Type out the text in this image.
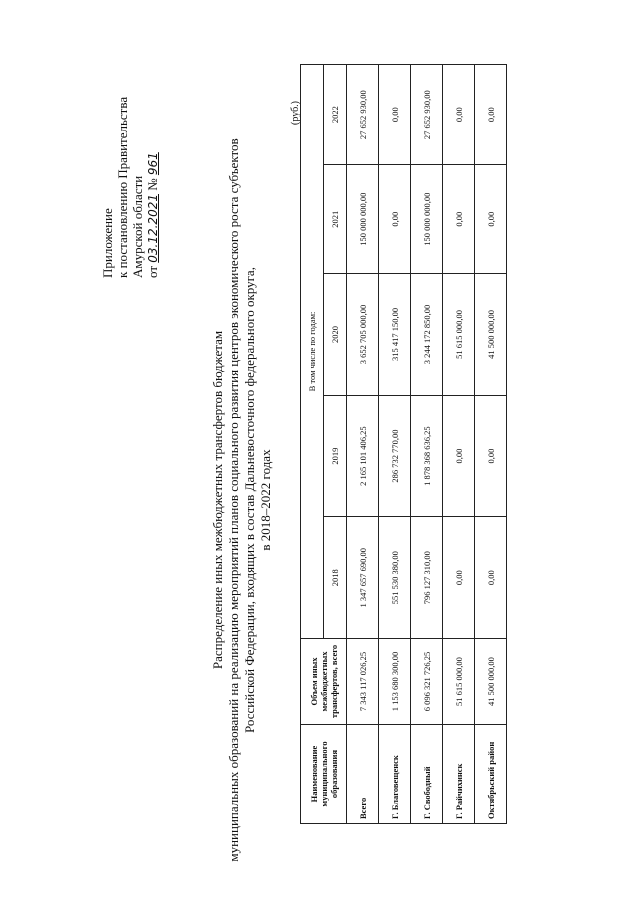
Приложение к постановлению Правительства Амурской области от 03.12.2021 № 961
Распределение иных межбюджетных трансфертов бюджетам муниципальных образований на реализацию мероприятий планов социального развития центров экономического роста субъектов Российской Федерации, входящих в состав Дальневосточного федерального округа, в 2018–2022 годах
(руб.)
Наименование муниципального образования	Объем иных межбюджетных трансфертов, всего	В том числе по годам:				
		2018	2019	2020	2021	2022
Всего	7 343 117 026,25	1 347 657 690,00	2 165 101 406,25	3 652 705 000,00	150 000 000,00	27 652 930,00
Г. Благовещенск	1 153 680 300,00	551 530 380,00	286 732 770,00	315 417 150,00	0,00	0,00
Г. Свободный	6 096 321 726,25	796 127 310,00	1 878 368 636,25	3 244 172 850,00	150 000 000,00	27 652 930,00
Г. Райчихинск	51 615 000,00	0,00	0,00	51 615 000,00	0,00	0,00
Октябрьский район	41 500 000,00	0,00	0,00	41 500 000,00	0,00	0,00
